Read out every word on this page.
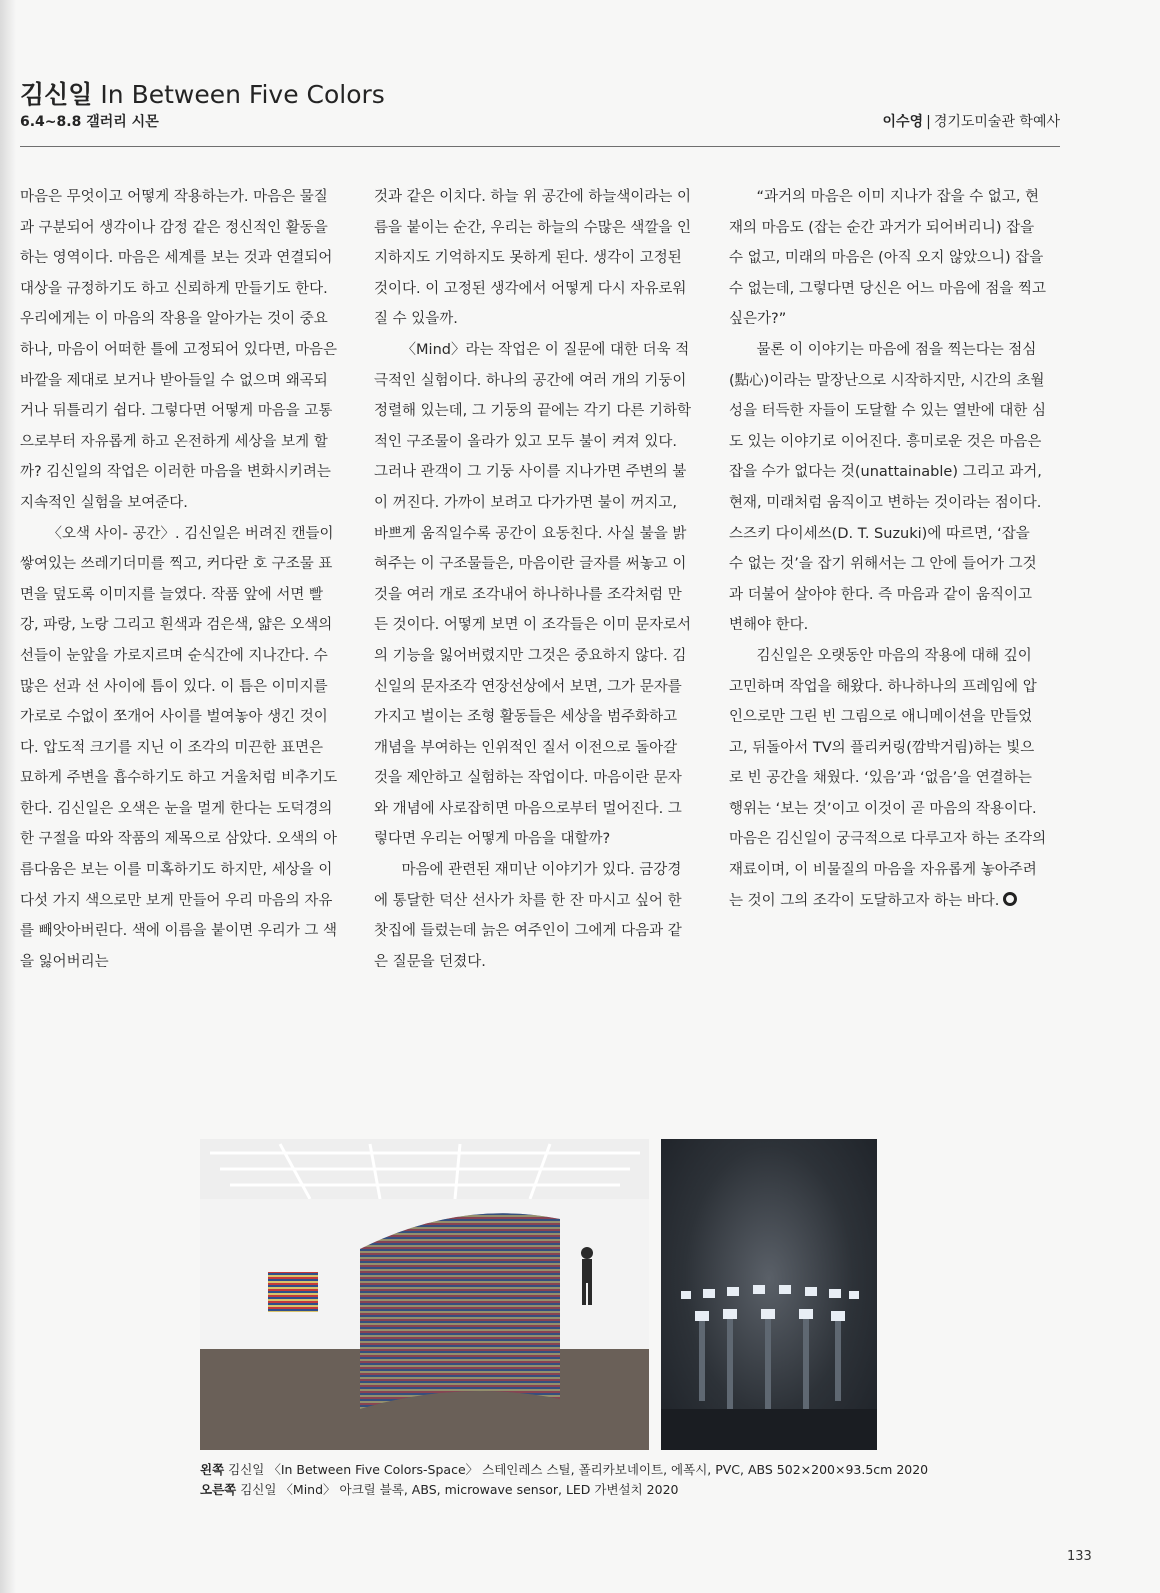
김신일 In Between Five Colors
6.4~8.8 갤러리 시몬	이수영 | 경기도미술관 학예사

마음은 무엇이고 어떻게 작용하는가. 마음은 물질과 구분되어 생각이나 감정 같은 정신적인 활동을 하는 영역이다. 마음은 세계를 보는 것과 연결되어 대상을 규정하기도 하고 신뢰하게 만들기도 한다. 우리에게는 이 마음의 작용을 알아가는 것이 중요하나, 마음이 어떠한 틀에 고정되어 있다면, 마음은 바깥을 제대로 보거나 받아들일 수 없으며 왜곡되거나 뒤틀리기 쉽다. 그렇다면 어떻게 마음을 고통으로부터 자유롭게 하고 온전하게 세상을 보게 할까? 김신일의 작업은 이러한 마음을 변화시키려는 지속적인 실험을 보여준다.

〈오색 사이- 공간〉. 김신일은 버려진 캔들이 쌓여있는 쓰레기더미를 찍고, 커다란 호 구조물 표면을 덮도록 이미지를 늘였다. 작품 앞에 서면 빨강, 파랑, 노랑 그리고 흰색과 검은색, 얇은 오색의 선들이 눈앞을 가로지르며 순식간에 지나간다. 수많은 선과 선 사이에 틈이 있다. 이 틈은 이미지를 가로로 수없이 쪼개어 사이를 벌여놓아 생긴 것이다. 압도적 크기를 지닌 이 조각의 미끈한 표면은 묘하게 주변을 흡수하기도 하고 거울처럼 비추기도 한다. 김신일은 오색은 눈을 멀게 한다는 도덕경의 한 구절을 따와 작품의 제목으로 삼았다. 오색의 아름다움은 보는 이를 미혹하기도 하지만, 세상을 이 다섯 가지 색으로만 보게 만들어 우리 마음의 자유를 빼앗아버린다. 색에 이름을 붙이면 우리가 그 색을 잃어버리는

것과 같은 이치다. 하늘 위 공간에 하늘색이라는 이름을 붙이는 순간, 우리는 하늘의 수많은 색깔을 인지하지도 기억하지도 못하게 된다. 생각이 고정된 것이다. 이 고정된 생각에서 어떻게 다시 자유로워질 수 있을까.

〈Mind〉라는 작업은 이 질문에 대한 더욱 적극적인 실험이다. 하나의 공간에 여러 개의 기둥이 정렬해 있는데, 그 기둥의 끝에는 각기 다른 기하학적인 구조물이 올라가 있고 모두 불이 켜져 있다. 그러나 관객이 그 기둥 사이를 지나가면 주변의 불이 꺼진다. 가까이 보려고 다가가면 불이 꺼지고, 바쁘게 움직일수록 공간이 요동친다. 사실 불을 밝혀주는 이 구조물들은, 마음이란 글자를 써놓고 이것을 여러 개로 조각내어 하나하나를 조각처럼 만든 것이다. 어떻게 보면 이 조각들은 이미 문자로서의 기능을 잃어버렸지만 그것은 중요하지 않다. 김신일의 문자조각 연장선상에서 보면, 그가 문자를 가지고 벌이는 조형 활동들은 세상을 범주화하고 개념을 부여하는 인위적인 질서 이전으로 돌아갈 것을 제안하고 실험하는 작업이다. 마음이란 문자와 개념에 사로잡히면 마음으로부터 멀어진다. 그렇다면 우리는 어떻게 마음을 대할까?

마음에 관련된 재미난 이야기가 있다. 금강경에 통달한 덕산 선사가 차를 한 잔 마시고 싶어 한 찻집에 들렀는데 늙은 여주인이 그에게 다음과 같은 질문을 던졌다.

“과거의 마음은 이미 지나가 잡을 수 없고, 현재의 마음도 (잡는 순간 과거가 되어버리니) 잡을 수 없고, 미래의 마음은 (아직 오지 않았으니) 잡을 수 없는데, 그렇다면 당신은 어느 마음에 점을 찍고 싶은가?”

물론 이 이야기는 마음에 점을 찍는다는 점심(點心)이라는 말장난으로 시작하지만, 시간의 초월성을 터득한 자들이 도달할 수 있는 열반에 대한 심도 있는 이야기로 이어진다. 흥미로운 것은 마음은 잡을 수가 없다는 것(unattainable) 그리고 과거, 현재, 미래처럼 움직이고 변하는 것이라는 점이다. 스즈키 다이세쓰(D. T. Suzuki)에 따르면, ‘잡을 수 없는 것’을 잡기 위해서는 그 안에 들어가 그것과 더불어 살아야 한다. 즉 마음과 같이 움직이고 변해야 한다.

김신일은 오랫동안 마음의 작용에 대해 깊이 고민하며 작업을 해왔다. 하나하나의 프레임에 압인으로만 그린 빈 그림으로 애니메이션을 만들었고, 뒤돌아서 TV의 플리커링(깜박거림)하는 빛으로 빈 공간을 채웠다. ‘있음’과 ‘없음’을 연결하는 행위는 ‘보는 것’이고 이것이 곧 마음의 작용이다. 마음은 김신일이 궁극적으로 다루고자 하는 조각의 재료이며, 이 비물질의 마음을 자유롭게 놓아주려는 것이 그의 조각이 도달하고자 하는 바다.

왼쪽 김신일 〈In Between Five Colors-Space〉 스테인레스 스틸, 폴리카보네이트, 에폭시, PVC, ABS 502×200×93.5cm 2020
오른쪽 김신일 〈Mind〉 아크릴 블록, ABS, microwave sensor, LED 가변설치 2020
133
